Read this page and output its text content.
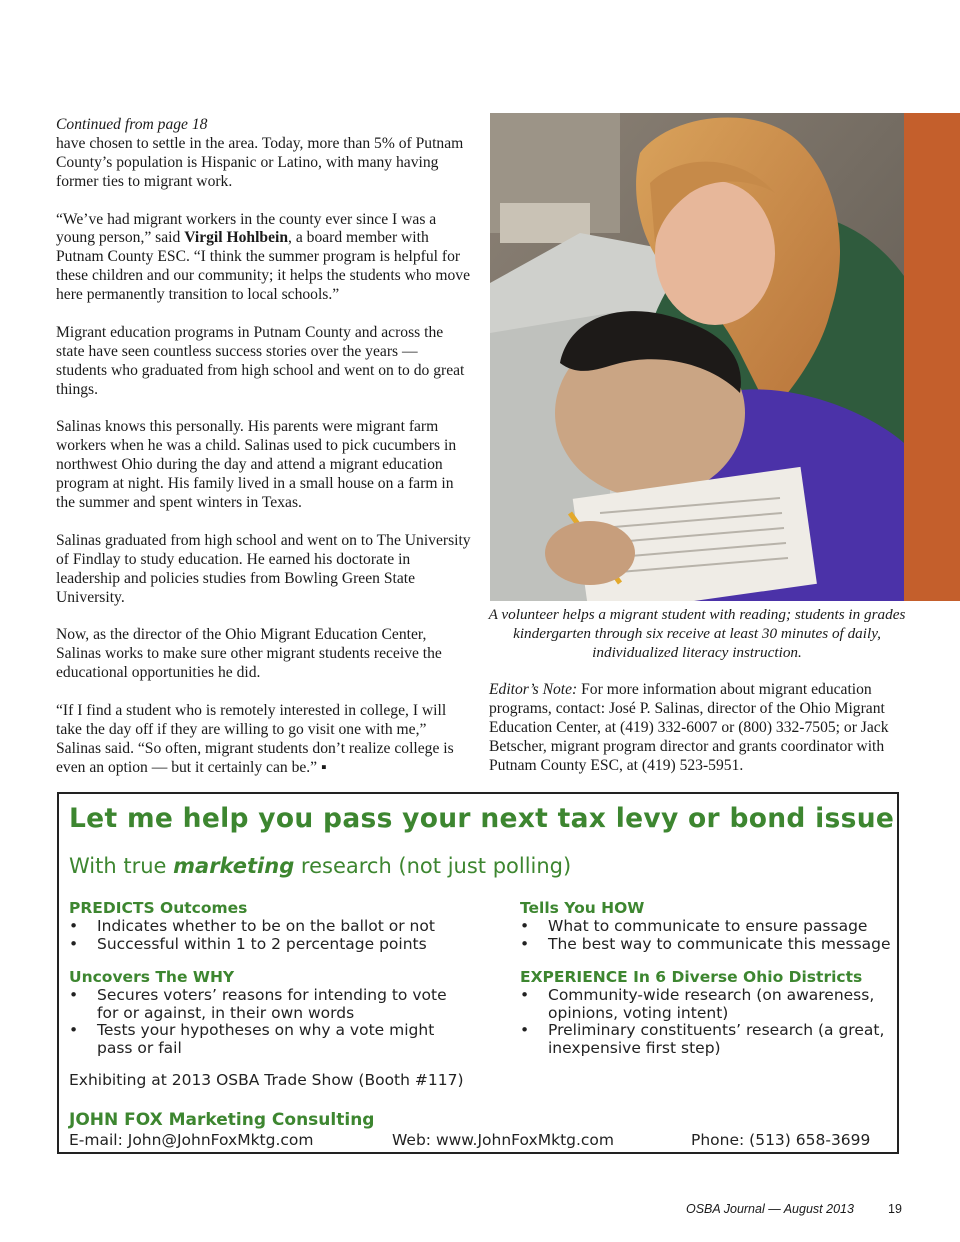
Continued from page 18

have chosen to settle in the area. Today, more than 5% of Putnam County’s population is Hispanic or Latino, with many having former ties to migrant work.

“We’ve had migrant workers in the county ever since I was a young person,” said Virgil Hohlbein, a board member with Putnam County ESC. “I think the summer program is helpful for these children and our community; it helps the students who move here permanently transition to local schools.”

Migrant education programs in Putnam County and across the state have seen countless success stories over the years — students who graduated from high school and went on to do great things.

Salinas knows this personally. His parents were migrant farm workers when he was a child. Salinas used to pick cucumbers in northwest Ohio during the day and attend a migrant education program at night. His family lived in a small house on a farm in the summer and spent winters in Texas.

Salinas graduated from high school and went on to The University of Findlay to study education. He earned his doctorate in leadership and policies studies from Bowling Green State University.

Now, as the director of the Ohio Migrant Education Center, Salinas works to make sure other migrant students receive the educational opportunities he did.

“If I find a student who is remotely interested in college, I will take the day off if they are willing to go visit one with me,” Salinas said. “So often, migrant students don’t realize college is even an option — but it certainly can be.” ▪

A volunteer helps a migrant student with reading; students in grades kindergarten through six receive at least 30 minutes of daily, individualized literacy instruction.
Editor’s Note: For more information about migrant education programs, contact: José P. Salinas, director of the Ohio Migrant Education Center, at (419) 332-6007 or (800) 332-7505; or Jack Betscher, migrant program director and grants coordinator with Putnam County ESC, at (419) 523-5951.
Let me help you pass your next tax levy or bond issue
With true marketing research (not just polling)
PREDICTS Outcomes
• Indicates whether to be on the ballot or not
• Successful within 1 to 2 percentage points
Tells You HOW
• What to communicate to ensure passage
• The best way to communicate this message
Uncovers The WHY
• Secures voters’ reasons for intending to vote for or against, in their own words
• Tests your hypotheses on why a vote might pass or fail
EXPERIENCE In 6 Diverse Ohio Districts
• Community-wide research (on awareness, opinions, voting intent)
• Preliminary constituents’ research (a great, inexpensive first step)
Exhibiting at 2013 OSBA Trade Show (Booth #117)
JOHN FOX Marketing Consulting
E-mail: John@JohnFoxMktg.com	Web: www.JohnFoxMktg.com	Phone: (513) 658-3699
OSBA Journal — August 2013	19
